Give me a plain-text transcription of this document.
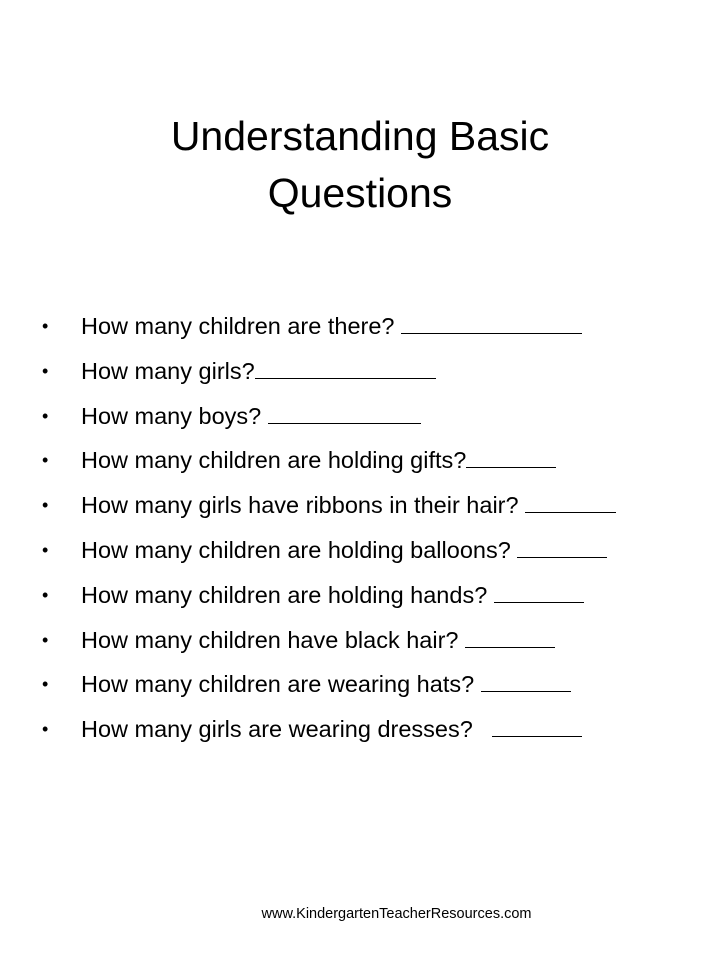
Understanding Basic
Questions
• How many children are there?
• How many girls?
• How many boys?
• How many children are holding gifts?
• How many girls have ribbons in their hair?
• How many children are holding balloons?
• How many children are holding hands?
• How many children have black hair?
• How many children are wearing hats?
• How many girls are wearing dresses?
www.KindergartenTeacherResources.com
